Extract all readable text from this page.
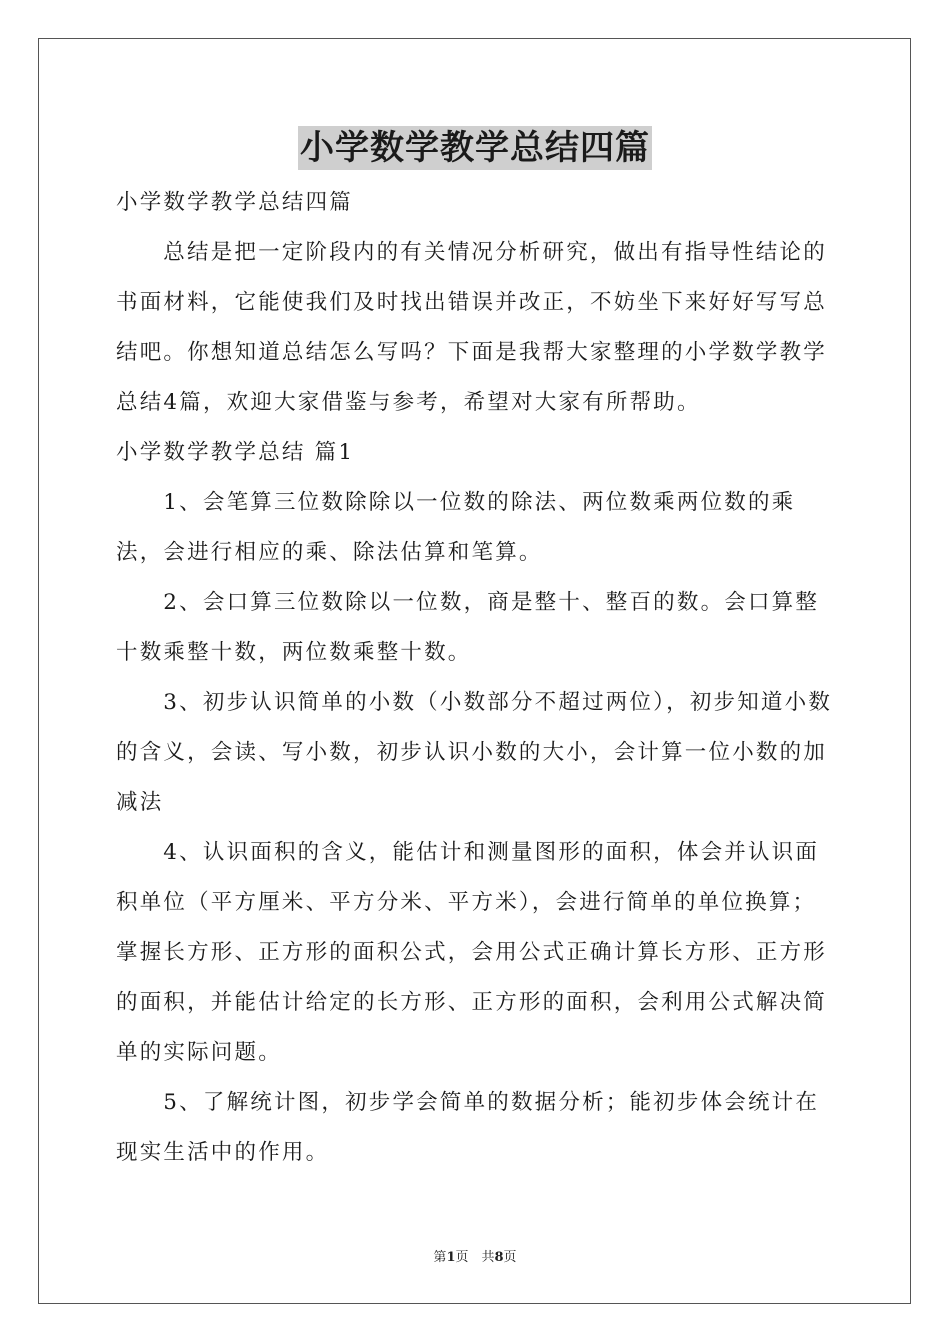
小学数学教学总结四篇

小学数学教学总结四篇

总结是把一定阶段内的有关情况分析研究，做出有指导性结论的书面材料，它能使我们及时找出错误并改正，不妨坐下来好好写写总结吧。你想知道总结怎么写吗？下面是我帮大家整理的小学数学教学总结4篇，欢迎大家借鉴与参考，希望对大家有所帮助。

小学数学教学总结 篇1

1、会笔算三位数除除以一位数的除法、两位数乘两位数的乘法，会进行相应的乘、除法估算和笔算。

2、会口算三位数除以一位数，商是整十、整百的数。会口算整十数乘整十数，两位数乘整十数。

3、初步认识简单的小数（小数部分不超过两位），初步知道小数的含义，会读、写小数，初步认识小数的大小，会计算一位小数的加减法

4、认识面积的含义，能估计和测量图形的面积，体会并认识面积单位（平方厘米、平方分米、平方米），会进行简单的单位换算；掌握长方形、正方形的面积公式，会用公式正确计算长方形、正方形的面积，并能估计给定的长方形、正方形的面积，会利用公式解决简单的实际问题。

5、了解统计图，初步学会简单的数据分析；能初步体会统计在现实生活中的作用。

第1页　共8页
